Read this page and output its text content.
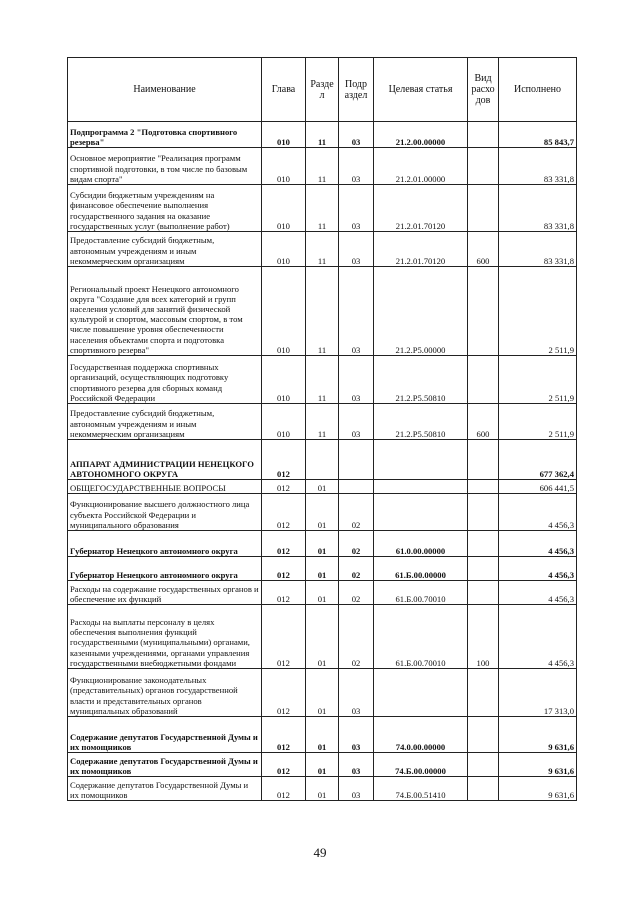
Наименование	Глава	Разде л	Подр аздел	Целевая статья	Вид расхо дов	Исполнено
Подпрограмма 2 "Подготовка спортивного резерва"	010	11	03	21.2.00.00000		85 843,7
Основное мероприятие "Реализация программ спортивной подготовки, в том числе по базовым видам спорта"	010	11	03	21.2.01.00000		83 331,8
Субсидии бюджетным учреждениям на финансовое обеспечение выполнения государственного задания на оказание государственных услуг (выполнение работ)	010	11	03	21.2.01.70120		83 331,8
Предоставление субсидий бюджетным, автономным учреждениям и иным некоммерческим организациям	010	11	03	21.2.01.70120	600	83 331,8
Региональный проект Ненецкого автономного округа "Создание для всех категорий и групп населения условий для занятий физической культурой и спортом, массовым спортом, в том числе повышение уровня обеспеченности населения объектами спорта и подготовка спортивного резерва"	010	11	03	21.2.P5.00000		2 511,9
Государственная поддержка спортивных организаций, осуществляющих подготовку спортивного резерва для сборных команд Российской Федерации	010	11	03	21.2.P5.50810		2 511,9
Предоставление субсидий бюджетным, автономным учреждениям и иным некоммерческим организациям	010	11	03	21.2.P5.50810	600	2 511,9
АППАРАТ АДМИНИСТРАЦИИ НЕНЕЦКОГО АВТОНОМНОГО ОКРУГА	012					677 362,4
ОБЩЕГОСУДАРСТВЕННЫЕ ВОПРОСЫ	012	01				606 441,5
Функционирование высшего должностного лица субъекта Российской Федерации и муниципального образования	012	01	02			4 456,3
Губернатор Ненецкого автономного округа	012	01	02	61.0.00.00000		4 456,3
Губернатор Ненецкого автономного округа	012	01	02	61.Б.00.00000		4 456,3
Расходы на содержание государственных органов и обеспечение их функций	012	01	02	61.Б.00.70010		4 456,3
Расходы на выплаты персоналу в целях обеспечения выполнения функций государственными (муниципальными) органами, казенными учреждениями, органами управления государственными внебюджетными фондами	012	01	02	61.Б.00.70010	100	4 456,3
Функционирование законодательных (представительных) органов государственной власти и представительных органов муниципальных образований	012	01	03			17 313,0
Содержание депутатов Государственной Думы и их помощников	012	01	03	74.0.00.00000		9 631,6
Содержание депутатов Государственной Думы и их помощников	012	01	03	74.Б.00.00000		9 631,6
Содержание депутатов Государственной Думы и их помощников	012	01	03	74.Б.00.51410		9 631,6
49
